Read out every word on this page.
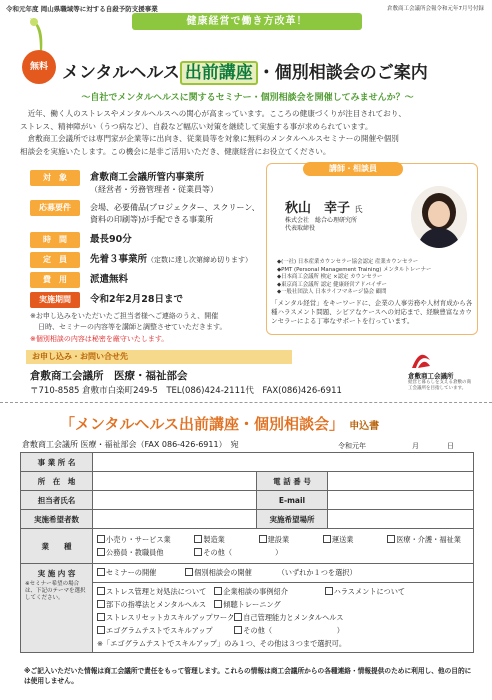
令和元年度 岡山県職域等に対する自殺予防支援事業	倉敷商工会議所会報令和元年7月号付録
健康経営で働き方改革！
無料 メンタルヘルス 出前講座 ・個別相談会のご案内
～自社でメンタルヘルスに関するセミナー・個別相談会を開催してみませんか？～
近年、働く人のストレスやメンタルヘルスへの関心が高まっています。こころの健康づくりが注目されており、
ストレス、精神障がい（うつ病など）、自殺など幅広い対策を継続して実施する事が求められています。
倉敷商工会議所では専門家が企業等に出向き、従業員等を対象に無料のメンタルヘルスセミナーの開催や個別
相談会を実施いたします。この機会に是非ご活用いただき、健康経営にお役立てください。
対　象	倉敷商工会議所管内事業所
（経営者・労務管理者・従業員等）
応募要件	会場、必要備品(プロジェクター、スクリーン、
資料の印刷等)が手配できる事業所
時　間	最長90分
定　員	先着３事業所（定数に達し次第締め切ります）
費　用	派遣無料
実施期間	令和2年2月28日まで
※お申し込みをいただいたご担当者様へご連絡のうえ、開催
日時、セミナーの内容等を講師と調整させていただきます。
※個別相談の内容は秘密を厳守いたします。
講師・相談員
秋山　幸子 氏
株式会社　総合心理研究所
代表取締役
◆(一社) 日本産業カウンセラー協会認定 産業カウンセラー
◆PMT (Personal Management Training) メンタルトレーナー
◆日本商工会議所 検定 ×認定 カウンセラー
◆東京商工会議所 認定 健康経営アドバイザー
◆一般社団法人 日本ライフマネージ協会 顧問
「メンタル経営」をキーワードに、企業の人事労務や人材育成から各種ハラスメント問題、シビアなケースへの対応まで、経験豊富なカウンセラーによる丁寧なサポートを行っています。
お申し込み・お問い合せ先
倉敷商工会議所　医療・福祉部会
〒710-8585 倉敷市白楽町249-5　TEL(086)424-2111代　FAX(086)426-6911
倉敷商工会議所
経営と暮らしを支える倉敷の商工会議所を目指しています。
「メンタルヘルス出前講座・個別相談会」 申込書
倉敷商工会議所 医療・福祉部会（FAX 086-426-6911）　宛	令和元年	月	日
事 業 所 名			
所　在　地		電 話 番 号	
担当者氏名		E-mail	
実施希望者数		実施希望場所	
業　　種	小売り・サービス業 製造業 建設業 運送業 医療・介護・福祉業
公務員・教職員他 その他（　　　　　　）		
実 施 内 容
※セミナー希望の場合は、下記のテーマを選択してください。	セミナーの開催 個別相談会の開催 （いずれか１つを選択）		
	ストレス管理と対処法について 企業相談の事例紹介 ハラスメントについて
部下の指導法とメンタルヘルス 傾聴トレーニング
ストレスリセットカスキルアップワーク 自己管理能力とメンタルヘルス
エゴグラムテストでスキルアップ その他（　　　　　　　　　）
※「エゴグラムテストでスキルアップ」のみ１つ、その他は３つまで選択可。		
※ご記入いただいた情報は商工会議所で責任をもって管理します。これらの情報は商工会議所からの各種連絡・情報提供のために利用し、他の目的には使用しません。
